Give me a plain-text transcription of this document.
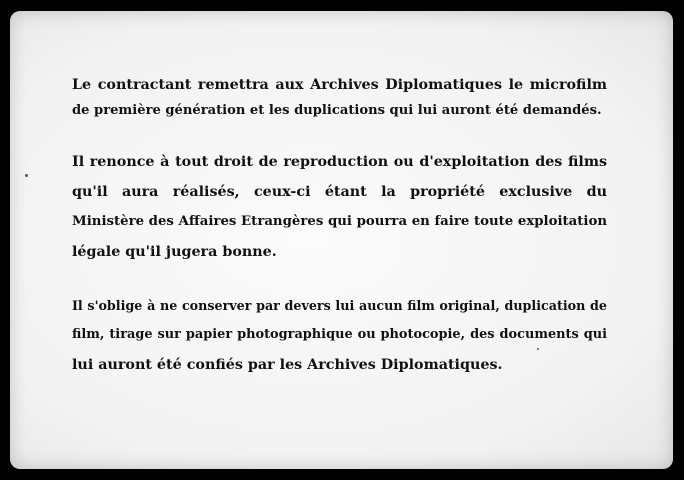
Le contractant remettra aux Archives Diplomatiques le microfilm
de première génération et les duplications qui lui auront été demandés.
Il renonce à tout droit de reproduction ou d'exploitation des films
qu'il aura réalisés, ceux-ci étant la propriété exclusive du
Ministère des Affaires Etrangères qui pourra en faire toute exploitation
légale qu'il jugera bonne.
Il s'oblige à ne conserver par devers lui aucun film original, duplication de
film, tirage sur papier photographique ou photocopie, des documents qui
lui auront été confiés par les Archives Diplomatiques.
